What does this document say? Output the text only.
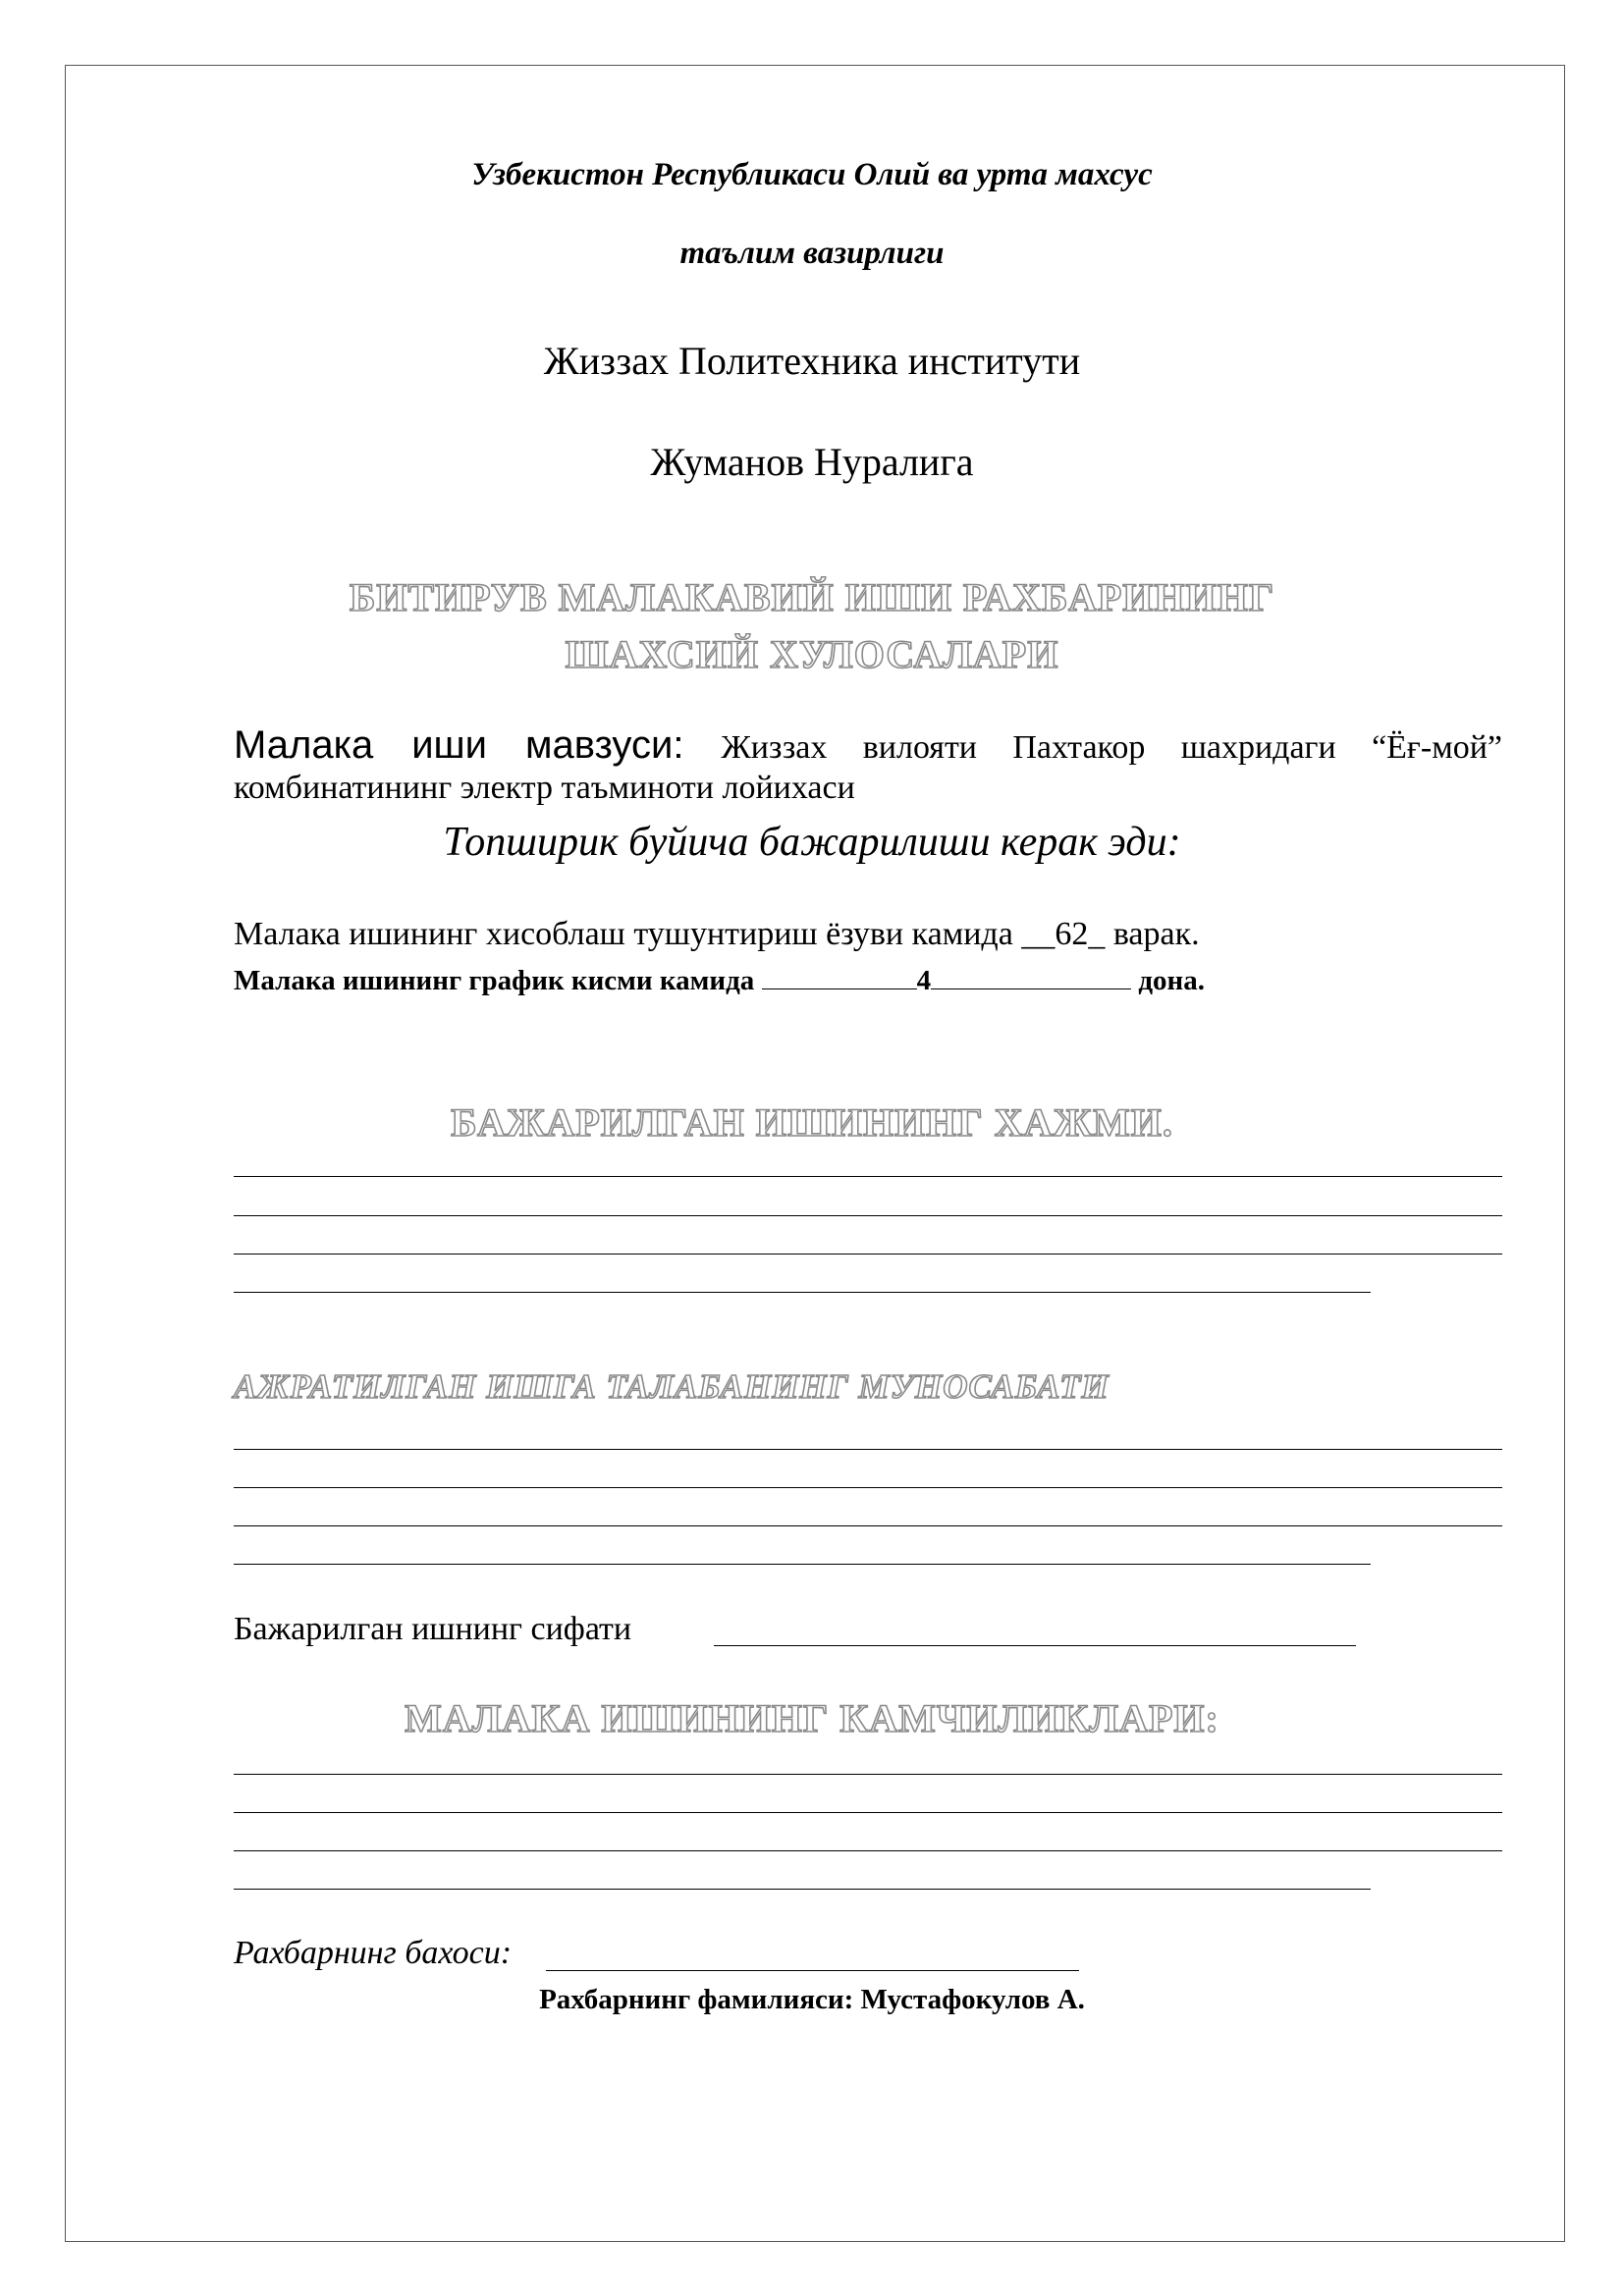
Узбекистон Республикаси Олий ва урта махсус
таълим вазирлиги
Жиззах Политехника институти
Жуманов Нуралига
БИТИРУВ МАЛАКАВИЙ ИШИ РАХБАРИНИНГ
ШАХСИЙ ХУЛОСАЛАРИ
Малака иши мавзуси: Жиззах вилояти Пахтакор шахридаги “Ёғ-мой”
комбинатининг электр таъминоти лойихаси
Топширик буйича бажарилиши керак эди:
Малака ишининг хисоблаш тушунтириш ёзуви камида __62_ варак.
Малака ишининг график кисми камида	4	дона.
БАЖАРИЛГАН ИШИНИНГ ХАЖМИ.
АЖРАТИЛГАН ИШГА ТАЛАБАНИНГ МУНОСАБАТИ
Бажарилган ишнинг сифати
МАЛАКА ИШИНИНГ КАМЧИЛИКЛАРИ:
Рахбарнинг бахоси:
Рахбарнинг фамилияси: Мустафокулов А.
